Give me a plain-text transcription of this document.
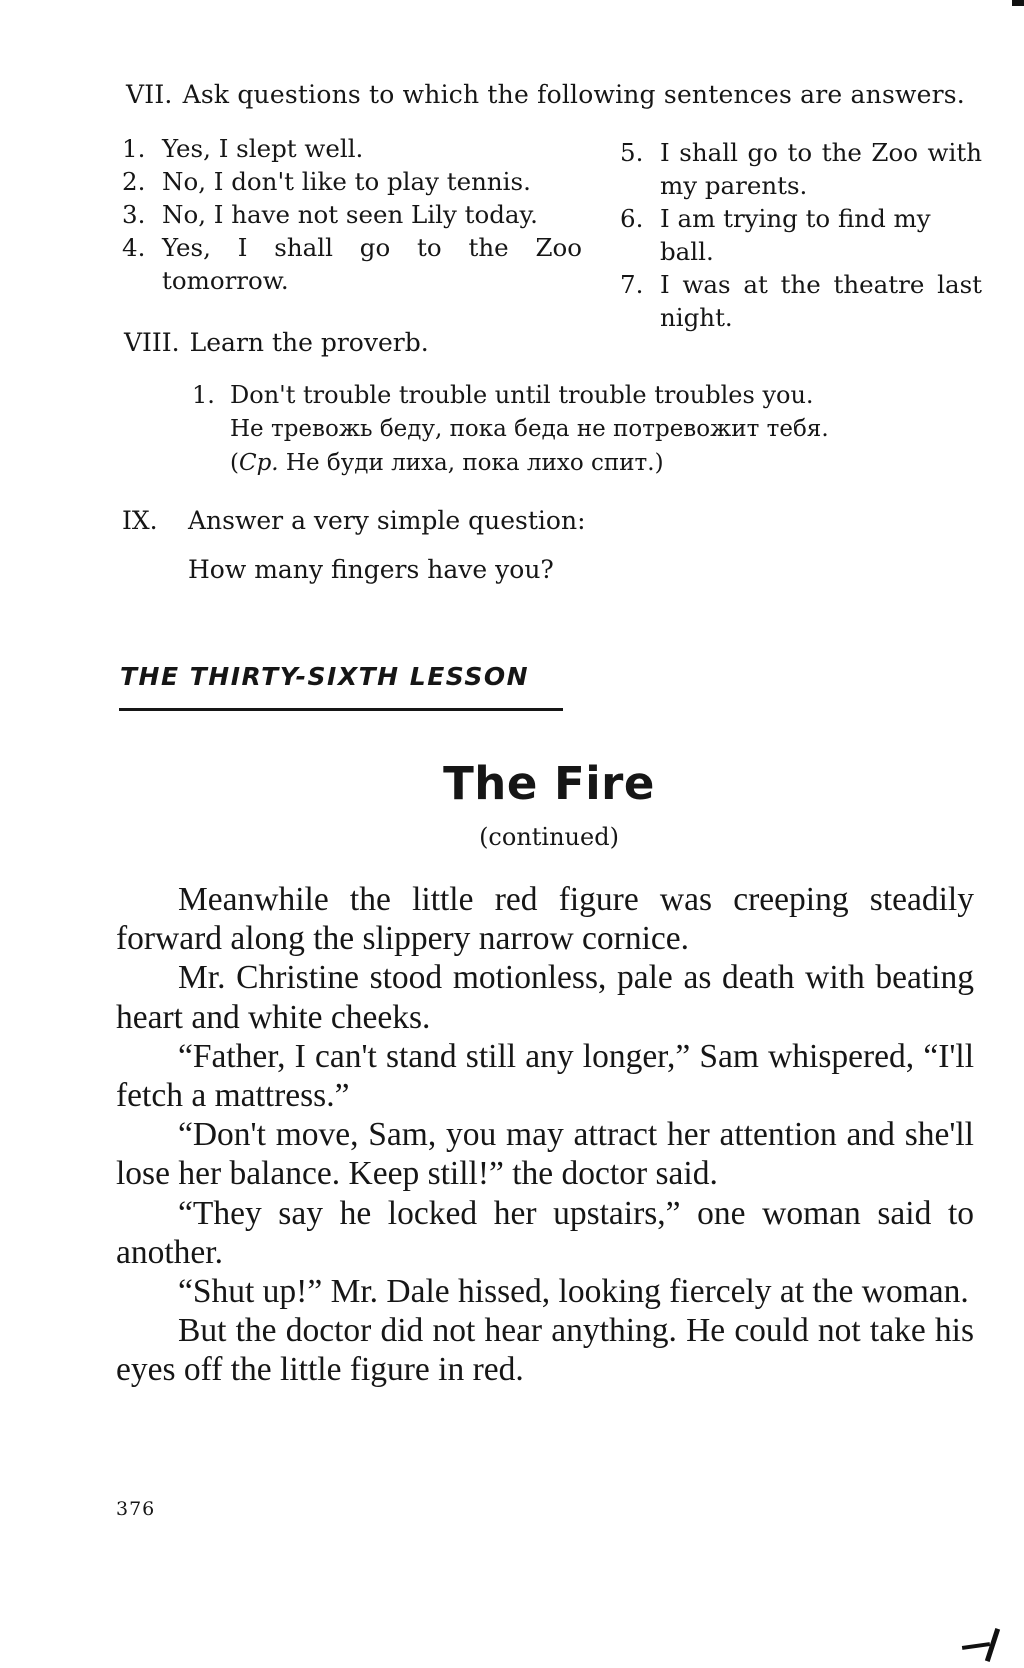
VII. Ask questions to which the following sentences are answers.
1. Yes, I slept well.
2. No, I don't like to play tennis.
3. No, I have not seen Lily today.
4. Yes, I shall go to the Zoo
tomorrow.
5. I shall go to the Zoo with
my parents.
6. I am trying to find my ball.
7. I was at the theatre last
night.
VIII. Learn the proverb.
1. Don't trouble trouble until trouble troubles you.
Не тревожь беду, пока беда не потревожит тебя.
(Ср. Не буди лиха, пока лихо спит.)
IX. Answer a very simple question:
How many fingers have you?
THE THIRTY-SIXTH LESSON
The Fire
(continued)

Meanwhile the little red figure was creeping steadily forward along the slippery narrow cornice.

Mr. Christine stood motionless, pale as death with beating heart and white cheeks.

“Father, I can't stand still any longer,” Sam whispered, “I'll fetch a mattress.”

“Don't move, Sam, you may attract her attention and she'll lose her balance. Keep still!” the doctor said.

“They say he locked her upstairs,” one woman said to another.

“Shut up!” Mr. Dale hissed, looking fiercely at the woman.

But the doctor did not hear anything. He could not take his eyes off the little figure in red.

376
